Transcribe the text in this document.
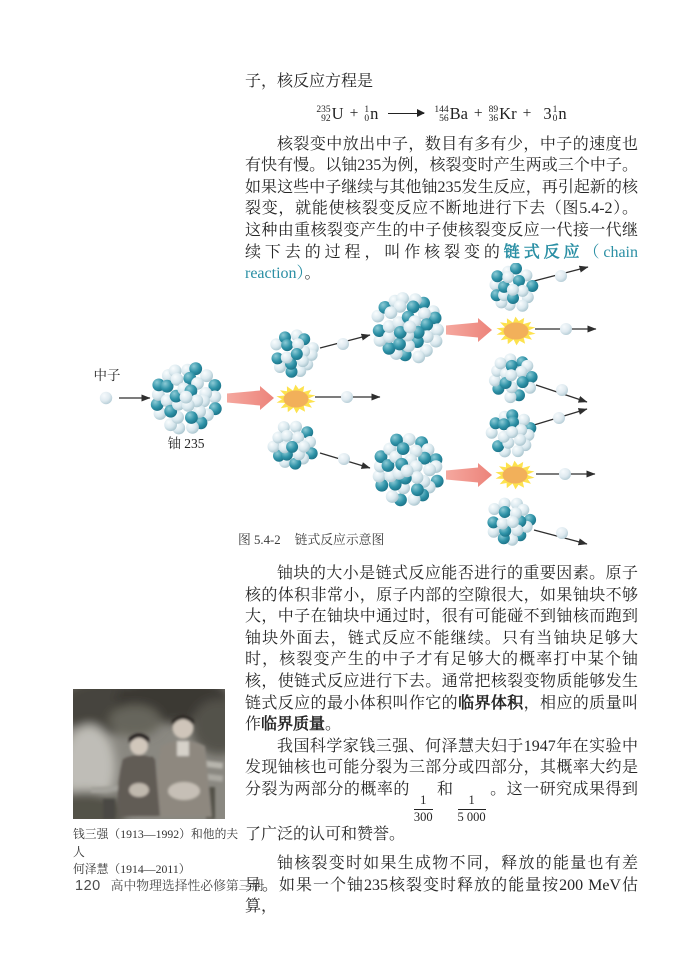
子，核反应方程是

235
92 U + 1
0 n → 144
56 Ba + 89
36 Kr + 3 1
0 n

核裂变中放出中子，数目有多有少，中子的速度也有快有慢。以铀235为例，核裂变时产生两或三个中子。如果这些中子继续与其他铀235发生反应，再引起新的核裂变，就能使核裂变反应不断地进行下去（图5.4-2）。这种由重核裂变产生的中子使核裂变反应一代接一代继续下去的过程，叫作核裂变的链式反应（chain reaction）。

中子
铀 235
图 5.4-2 链式反应示意图

铀块的大小是链式反应能否进行的重要因素。原子核的体积非常小，原子内部的空隙很大，如果铀块不够大，中子在铀块中通过时，很有可能碰不到铀核而跑到铀块外面去，链式反应不能继续。只有当铀块足够大时，核裂变产生的中子才有足够大的概率打中某个铀核，使链式反应进行下去。通常把核裂变物质能够发生链式反应的最小体积叫作它的临界体积，相应的质量叫作临界质量。

我国科学家钱三强、何泽慧夫妇于1947年在实验中发现铀核也可能分裂为三部分或四部分，其概率大约是分裂为两部分的概率的
$\frac{1}{300}$
和
$\frac{1}{5 000}$
。这一研究成果得到了广泛的认可和赞誉。

铀核裂变时如果生成物不同，释放的能量也有差异。如果一个铀235核裂变时释放的能量按200 MeV估算，

钱三强（1913—1992）和他的夫人
何泽慧（1914—2011）

120 高中物理选择性必修第三册
